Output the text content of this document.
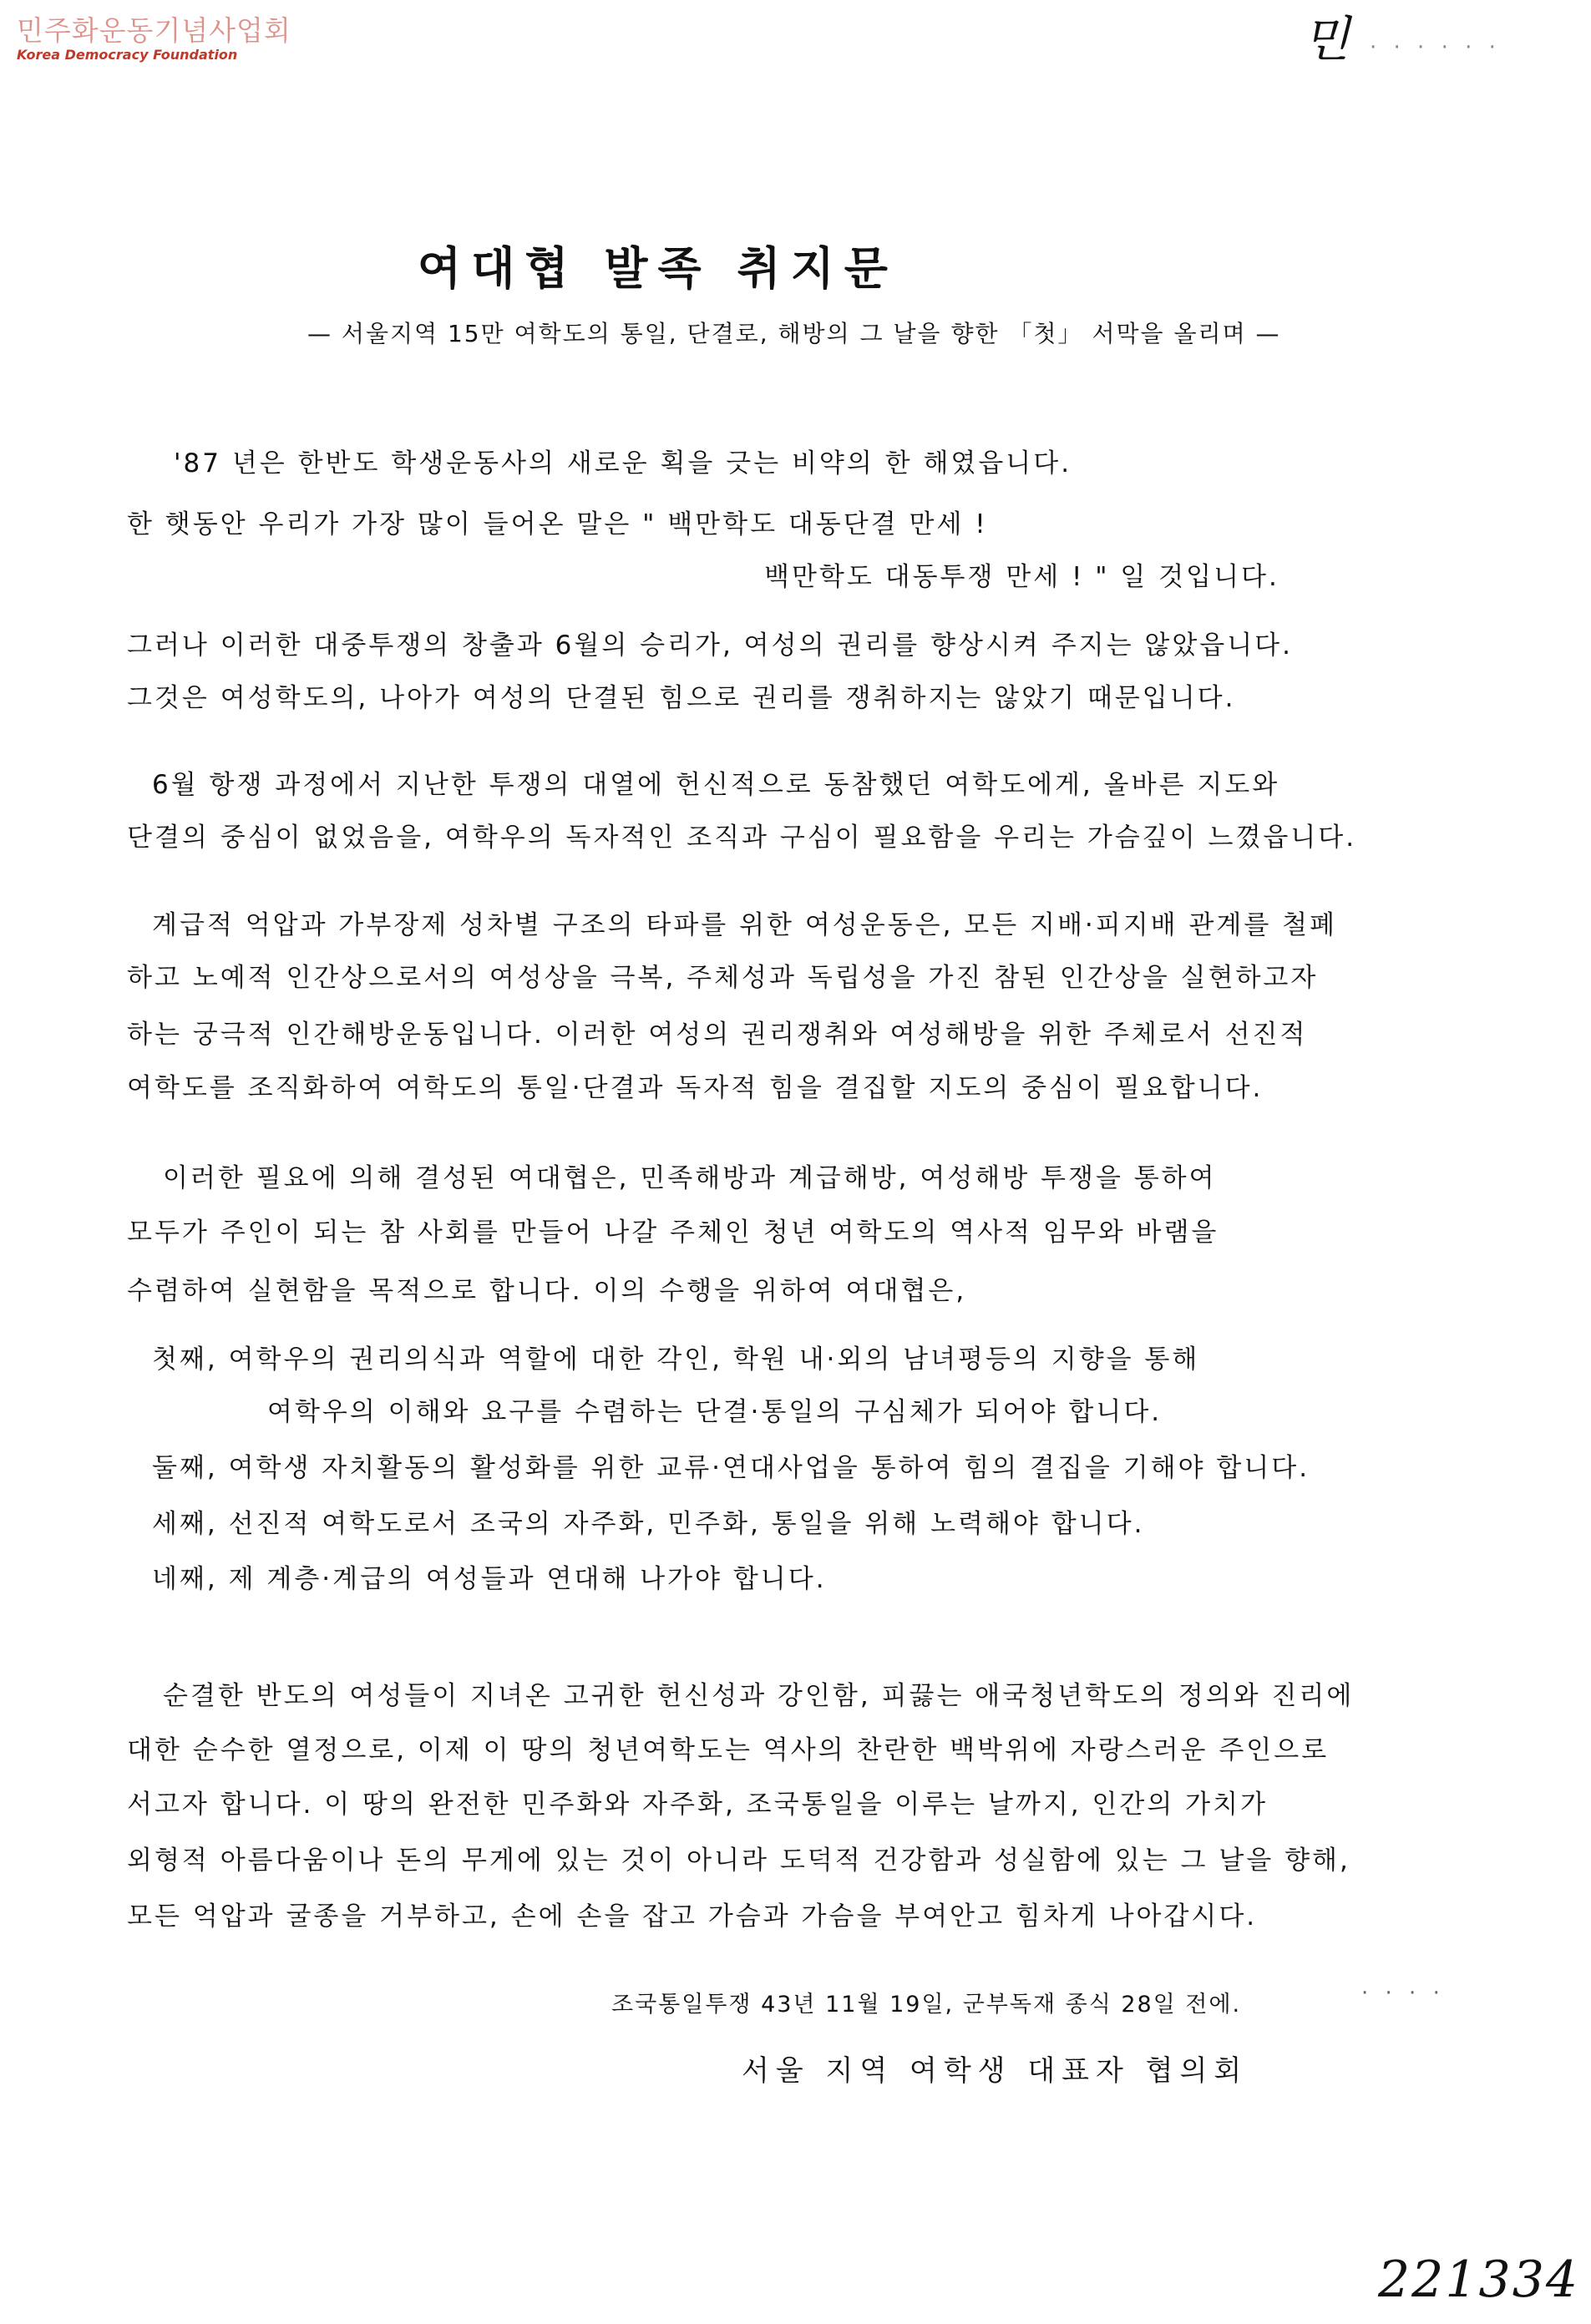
민주화운동기념사업회
Korea Democracy Foundation	민 · · · · · ·
여대협 발족 취지문
— 서울지역 15만 여학도의 통일, 단결로, 해방의 그 날을 향한 「첫」 서막을 올리며 —
'87 년은 한반도 학생운동사의 새로운 획을 긋는 비약의 한 해였읍니다.
한 햇동안 우리가 가장 많이 들어온 말은 " 백만학도 대동단결 만세 !
백만학도 대동투쟁 만세 ! " 일 것입니다.
그러나 이러한 대중투쟁의 창출과 6월의 승리가, 여성의 권리를 향상시켜 주지는 않았읍니다.
그것은 여성학도의, 나아가 여성의 단결된 힘으로 권리를 쟁취하지는 않았기 때문입니다.
6월 항쟁 과정에서 지난한 투쟁의 대열에 헌신적으로 동참했던 여학도에게, 올바른 지도와
단결의 중심이 없었음을, 여학우의 독자적인 조직과 구심이 필요함을 우리는 가슴깊이 느꼈읍니다.
계급적 억압과 가부장제 성차별 구조의 타파를 위한 여성운동은, 모든 지배·피지배 관계를 철폐
하고 노예적 인간상으로서의 여성상을 극복, 주체성과 독립성을 가진 참된 인간상을 실현하고자
하는 궁극적 인간해방운동입니다. 이러한 여성의 권리쟁취와 여성해방을 위한 주체로서 선진적
여학도를 조직화하여 여학도의 통일·단결과 독자적 힘을 결집할 지도의 중심이 필요합니다.
이러한 필요에 의해 결성된 여대협은, 민족해방과 계급해방, 여성해방 투쟁을 통하여
모두가 주인이 되는 참 사회를 만들어 나갈 주체인 청년 여학도의 역사적 임무와 바램을
수렴하여 실현함을 목적으로 합니다. 이의 수행을 위하여 여대협은,
첫째, 여학우의 권리의식과 역할에 대한 각인, 학원 내·외의 남녀평등의 지향을 통해
여학우의 이해와 요구를 수렴하는 단결·통일의 구심체가 되어야 합니다.
둘째, 여학생 자치활동의 활성화를 위한 교류·연대사업을 통하여 힘의 결집을 기해야 합니다.
세째, 선진적 여학도로서 조국의 자주화, 민주화, 통일을 위해 노력해야 합니다.
네째, 제 계층·계급의 여성들과 연대해 나가야 합니다.
순결한 반도의 여성들이 지녀온 고귀한 헌신성과 강인함, 피끓는 애국청년학도의 정의와 진리에
대한 순수한 열정으로, 이제 이 땅의 청년여학도는 역사의 찬란한 백박위에 자랑스러운 주인으로
서고자 합니다. 이 땅의 완전한 민주화와 자주화, 조국통일을 이루는 날까지, 인간의 가치가
외형적 아름다움이나 돈의 무게에 있는 것이 아니라 도덕적 건강함과 성실함에 있는 그 날을 향해,
모든 억압과 굴종을 거부하고, 손에 손을 잡고 가슴과 가슴을 부여안고 힘차게 나아갑시다.
조국통일투쟁 43년 11월 19일, 군부독재 종식 28일 전에.	· · · ·
서울 지역 여학생 대표자 협의회
221334
